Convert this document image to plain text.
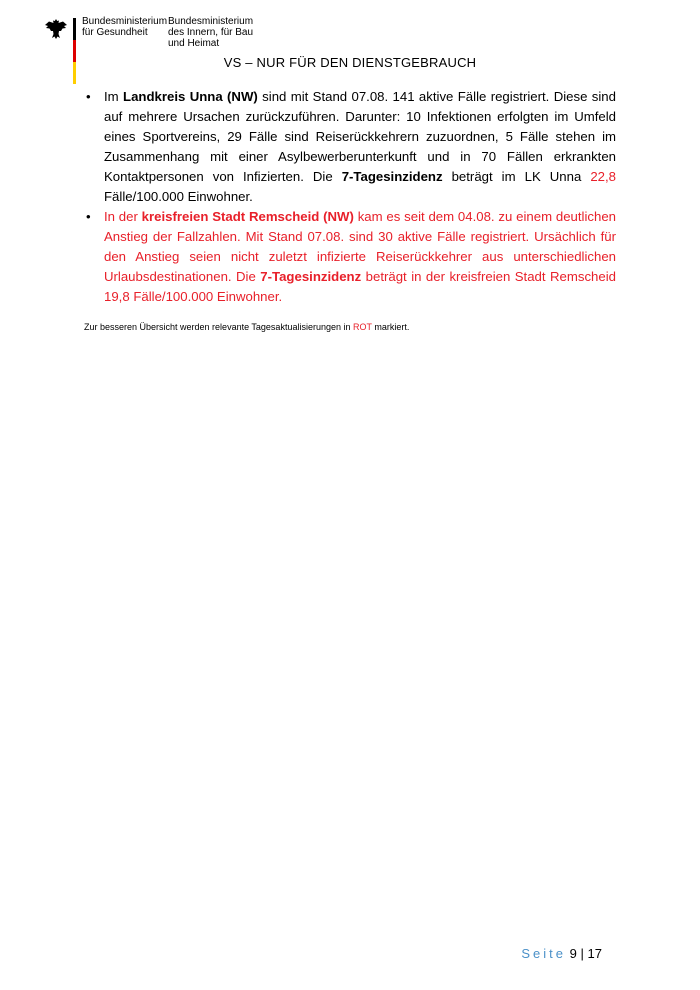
Bundesministerium
für Gesundheit
Bundesministerium
des Innern, für Bau
und Heimat
VS – NUR FÜR DEN DIENSTGEBRAUCH
• Im Landkreis Unna (NW) sind mit Stand 07.08. 141 aktive Fälle registriert. Diese sind auf mehrere Ursachen zurückzuführen. Darunter: 10 Infektionen erfolgten im Umfeld eines Sportvereins, 29 Fälle sind Reiserückkehrern zuzuordnen, 5 Fälle stehen im Zusammenhang mit einer Asylbewerberunterkunft und in 70 Fällen erkrankten Kontaktpersonen von Infizierten. Die 7-Tagesinzidenz beträgt im LK Unna 22,8 Fälle/100.000 Einwohner.

• In der kreisfreien Stadt Remscheid (NW) kam es seit dem 04.08. zu einem deutlichen Anstieg der Fallzahlen. Mit Stand 07.08. sind 30 aktive Fälle registriert. Ursächlich für den Anstieg seien nicht zuletzt infizierte Reiserückkehrer aus unterschiedlichen Urlaubsdestinationen. Die 7-Tagesinzidenz beträgt in der kreisfreien Stadt Remscheid 19,8 Fälle/100.000 Einwohner.

Zur besseren Übersicht werden relevante Tagesaktualisierungen in ROT markiert.
Seite 9 | 17
